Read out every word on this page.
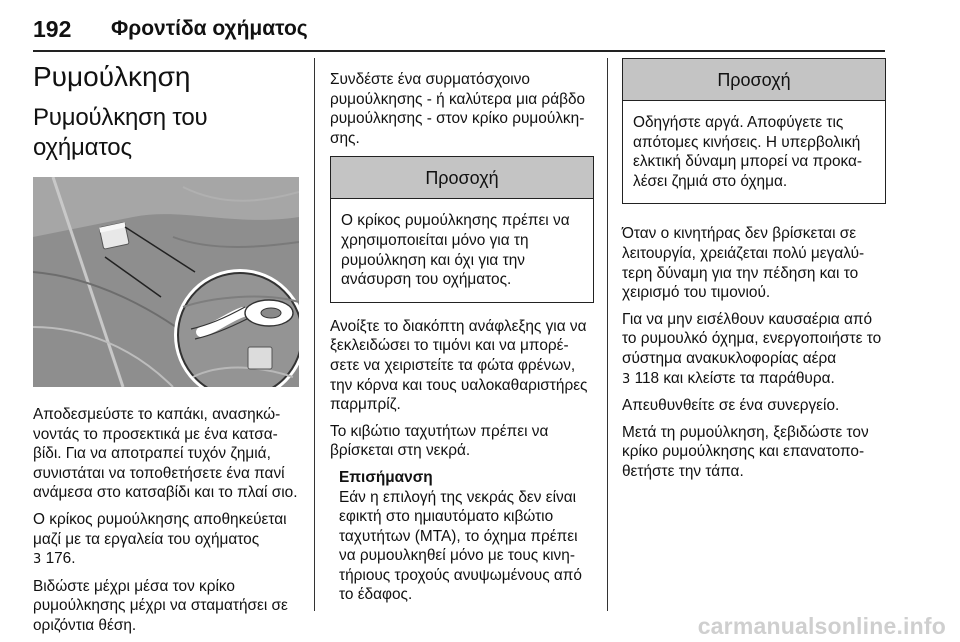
192 Φροντίδα οχήματος
Ρυμούλκηση
Ρυμούλκηση του οχήματος

Αποδεσμεύστε το καπάκι, ανασηκώ νοντάς το προσεκτικά με ένα κατσα βίδι. Για να αποτραπεί τυχόν ζημιά, συνιστάται να τοποθετήσετε ένα πανί ανάμεσα στο κατσαβίδι και το πλαί σιο.

Ο κρίκος ρυμούλκησης αποθηκεύεται μαζί με τα εργαλεία του οχήματος
3 176.

Βιδώστε μέχρι μέσα τον κρίκο ρυμούλκησης μέχρι να σταματήσει σε οριζόντια θέση.

Συνδέστε ένα συρματόσχοινο ρυμούλκησης - ή καλύτερα μια ράβδο ρυμούλκησης - στον κρίκο ρυμούλκη σης.

Προσοχή
Ο κρίκος ρυμούλκησης πρέπει να χρησιμοποιείται μόνο για τη ρυμούλκηση και όχι για την ανάσυρση του οχήματος.

Ανοίξτε το διακόπτη ανάφλεξης για να ξεκλειδώσει το τιμόνι και να μπορέ σετε να χειριστείτε τα φώτα φρένων, την κόρνα και τους υαλοκαθαριστήρες παρμπρίζ.

Το κιβώτιο ταχυτήτων πρέπει να βρίσκεται στη νεκρά.

Επισήμανση

Εάν η επιλογή της νεκράς δεν είναι εφικτή στο ημιαυτόματο κιβώτιο ταχυτήτων (MTA), το όχημα πρέπει να ρυμουλκηθεί μόνο με τους κινη τήριους τροχούς ανυψωμένους από το έδαφος.

Προσοχή
Οδηγήστε αργά. Αποφύγετε τις απότομες κινήσεις. Η υπερβολική ελκτική δύναμη μπορεί να προκα λέσει ζημιά στο όχημα.

Όταν ο κινητήρας δεν βρίσκεται σε λειτουργία, χρειάζεται πολύ μεγαλύ τερη δύναμη για την πέδηση και το χειρισμό του τιμονιού.

Για να μην εισέλθουν καυσαέρια από το ρυμουλκό όχημα, ενεργοποιήστε το σύστημα ανακυκλοφορίας αέρα
3 118 και κλείστε τα παράθυρα.

Απευθυνθείτε σε ένα συνεργείο.

Μετά τη ρυμούλκηση, ξεβιδώστε τον κρίκο ρυμούλκησης και επανατοπο θετήστε την τάπα.

carmanualsonline.info
